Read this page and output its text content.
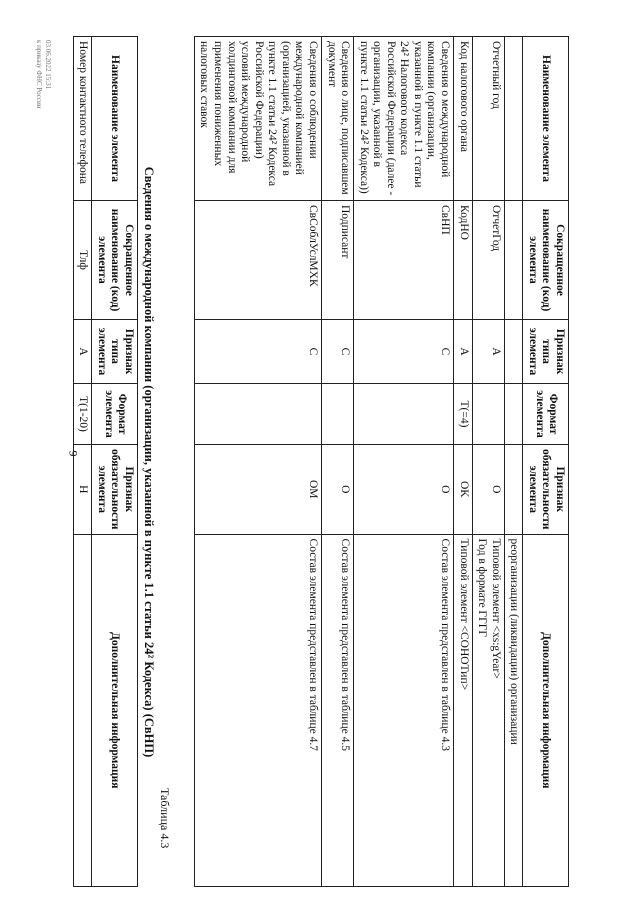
9
Наименование элемента	Сокращенное наименование (код) элемента	Признак типа элемента	Формат элемента	Признак обязательности элемента	Дополнительная информация
					реорганизации (ликвидации) организации
Отчетный год	ОтчетГод	A		O	Типовой элемент <xs:gYear>
Год в формате ГГГГ
Код налогового органа	КодНО	A	T(=4)	OK	Типовой элемент <СОНОТип>
Сведения о международной компании (организации, указанной в пункте 1.1 статьи 24² Налогового кодекса Российской Федерации (далее - организации, указанной в пункте 1.1 статьи 24² Кодекса))	СвНП	С		O	Состав элемента представлен в таблице 4.3
Сведения о лице, подписавшем документ	Подписант	С		O	Состав элемента представлен в таблице 4.5
Сведения о соблюдении международной компанией (организацией, указанной в пункте 1.1 статьи 24² Кодекса Российской Федерации) условий международной холдинговой компании для применения пониженных налоговых ставок	СвСоблУслМХК	С		ОМ	Состав элемента представлен в таблице 4.7
Таблица 4.3
Сведения о международной компании (организации, указанной в пункте 1.1 статьи 24² Кодекса) (СвНП)
Наименование элемента	Сокращенное наименование (код) элемента	Признак типа элемента	Формат элемента	Признак обязательности элемента	Дополнительная информация
Номер контактного телефона	Тлф	A	T(1-20)	Н	
03.06.2022 15:31
к приказу ФНС России
